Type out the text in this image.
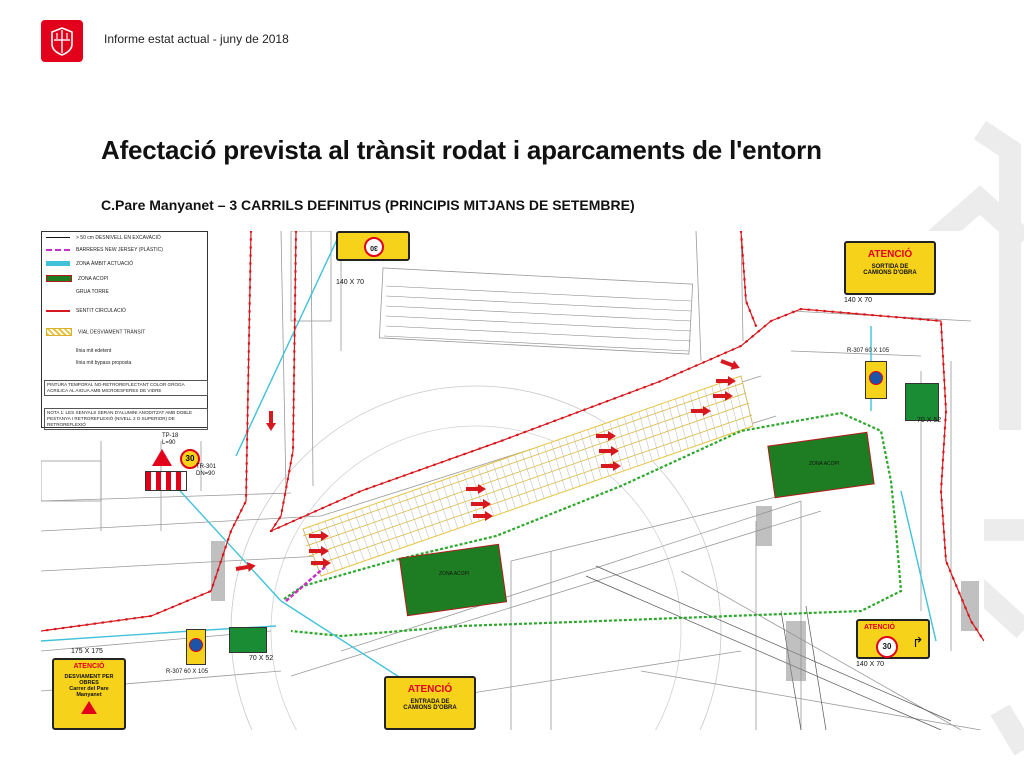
Informe estat actual - juny de 2018
Afectació prevista al trànsit rodat i aparcaments de l'entorn
C.Pare Manyanet – 3 CARRILS DEFINITUS (PRINCIPIS MITJANS DE SETEMBRE)
> 50 cm DESNIVELL EN EXCAVACIÓ
BARRERES NEW JERSEY (PLÀSTIC)
ZONA ÀMBIT ACTUACIÓ
ZONA ACOPI
GRUA TORRE
SENTIT CIRCULACIÓ
VIAL DESVIAMENT TRÀNSIT
línia mit edetent
línia mit bypass proposta
PINTURA TEMPORAL NO-RETROREFLECTANT COLOR GROGA ACRILICA AL AIGUA AMB MICROESFERES DE VIDRE
NOTA 1: LES SENYALS SERAN D'ALUMINI ANODITZAT AMB DOBLE PESTANYA I RETROREFLEXIÓ (NIVELL 2 O SUPERIOR) DE RETROREFLEXIÓ
ATENCIÓ
SORTIDA DE
CAMIONS D'OBRA
140 X 70
ATENCIÓ
ENTRADA DE
CAMIONS D'OBRA
ATENCIÓ
DESVIAMENT PER
OBRES
Carrer del Pare
Manyanet
175 X 175
ATENCIÓ
30	↱
140 X 70
30
140 X 70
30
TP-18
L=90
TR-301
DN=90
R-307 60 X 105
70 X 52
R-307 60 X 105
70 X 52
ZONA ACOPI
ZONA ACOPI
